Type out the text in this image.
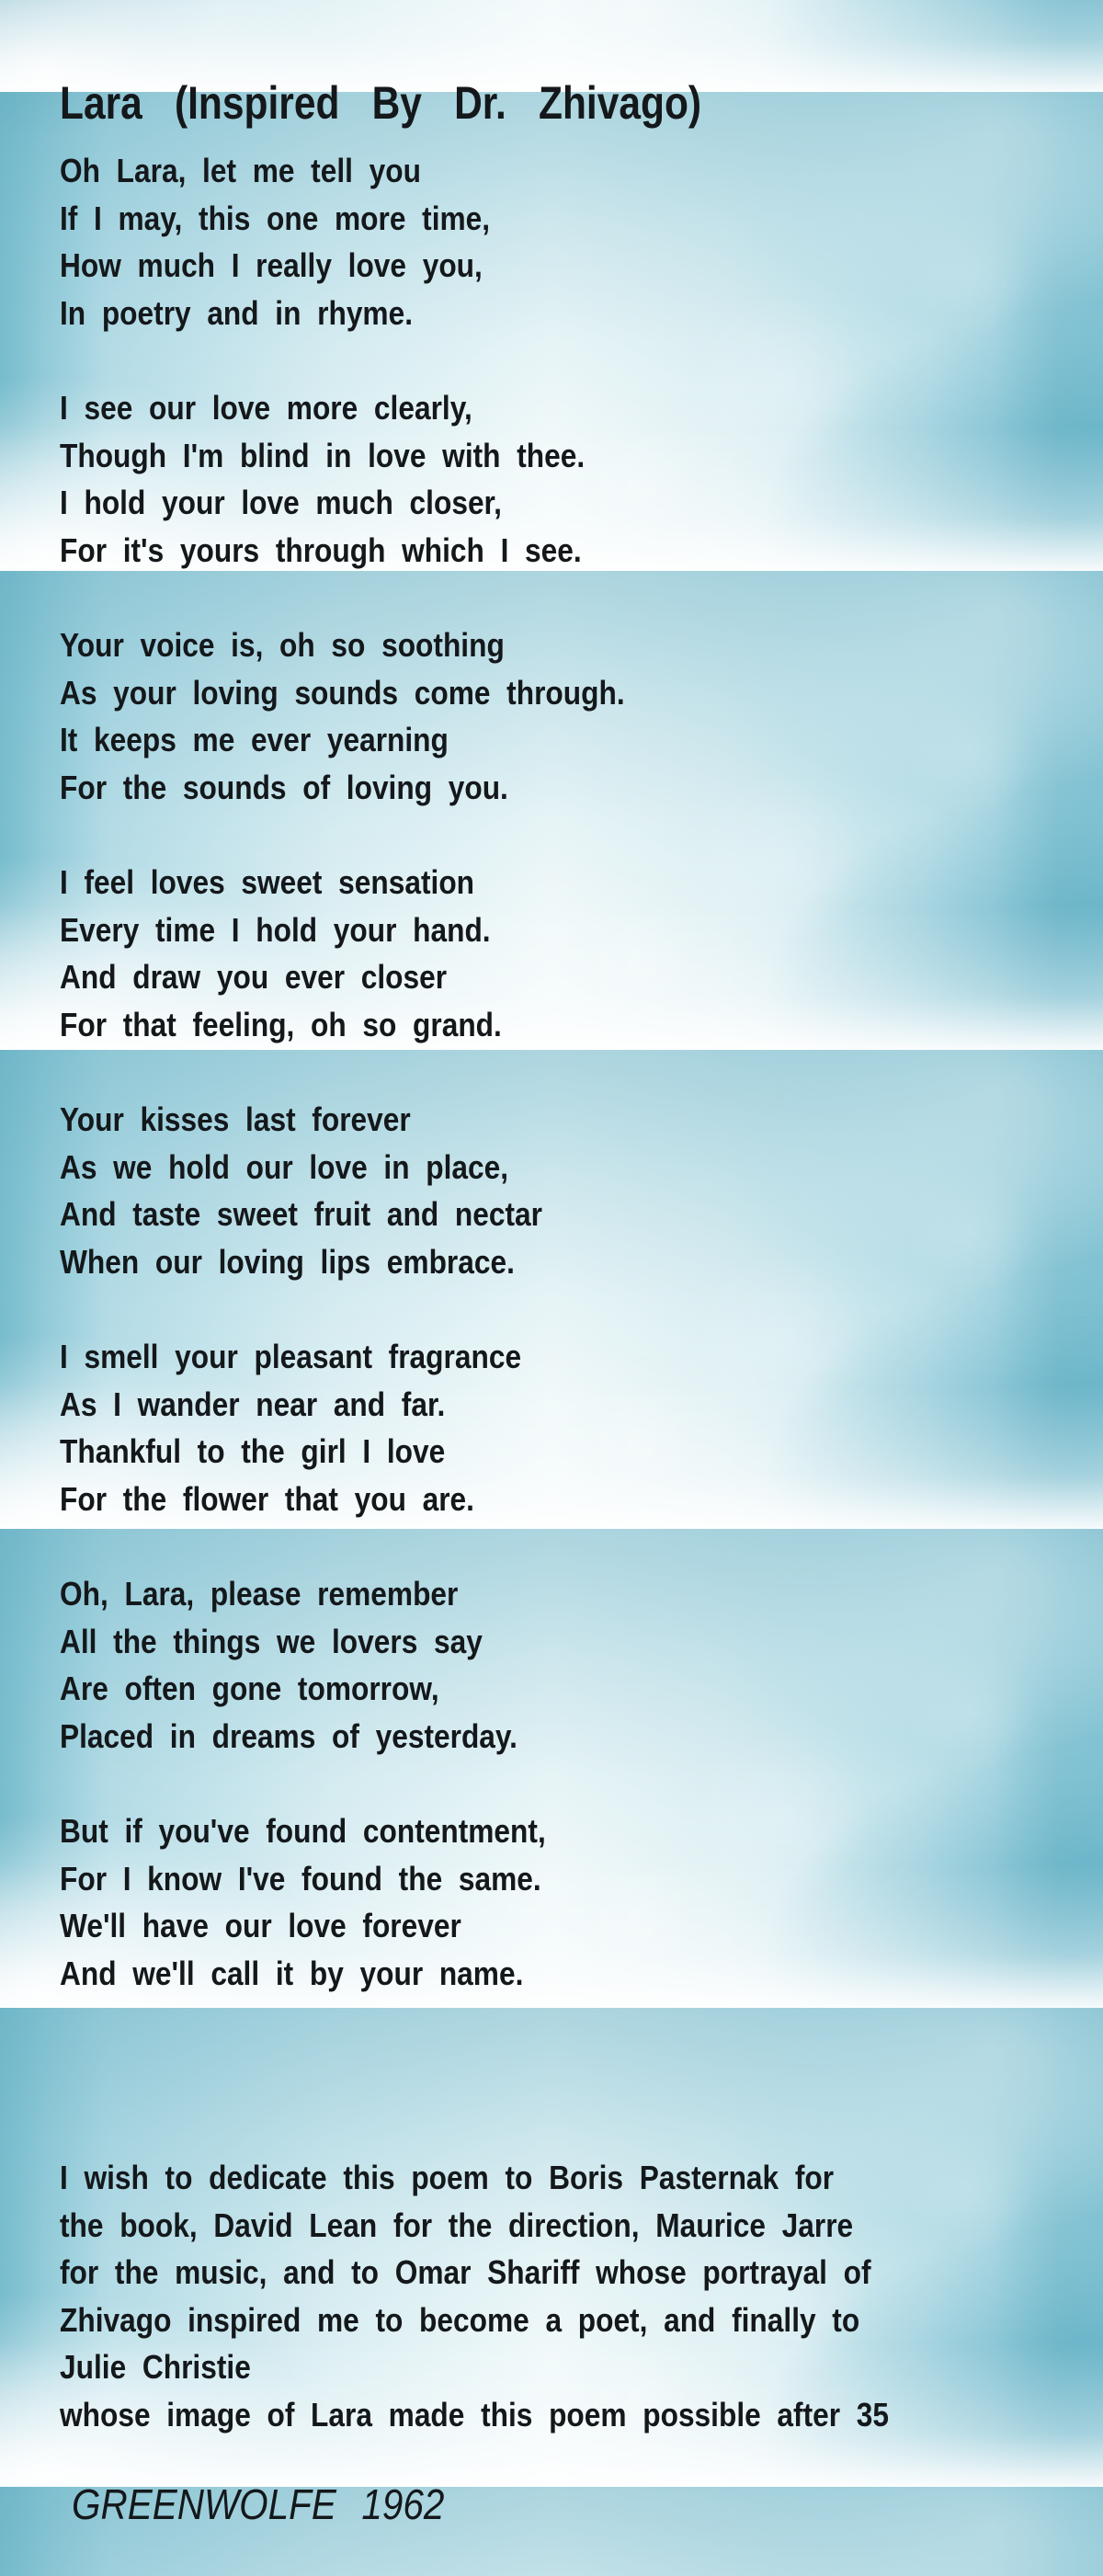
Lara (Inspired By Dr. Zhivago)
Oh Lara, let me tell you
If I may, this one more time,
How much I really love you,
In poetry and in rhyme.
I see our love more clearly,
Though I'm blind in love with thee.
I hold your love much closer,
For it's yours through which I see.
Your voice is, oh so soothing
As your loving sounds come through.
It keeps me ever yearning
For the sounds of loving you.
I feel loves sweet sensation
Every time I hold your hand.
And draw you ever closer
For that feeling, oh so grand.
Your kisses last forever
As we hold our love in place,
And taste sweet fruit and nectar
When our loving lips embrace.
I smell your pleasant fragrance
As I wander near and far.
Thankful to the girl I love
For the flower that you are.
Oh, Lara, please remember
All the things we lovers say
Are often gone tomorrow,
Placed in dreams of yesterday.
But if you've found contentment,
For I know I've found the same.
We'll have our love forever
And we'll call it by your name.
I wish to dedicate this poem to Boris Pasternak for
the book, David Lean for the direction, Maurice Jarre
for the music, and to Omar Shariff whose portrayal of
Zhivago inspired me to become a poet, and finally to
Julie Christie
whose image of Lara made this poem possible after 35
GREENWOLFE 1962
